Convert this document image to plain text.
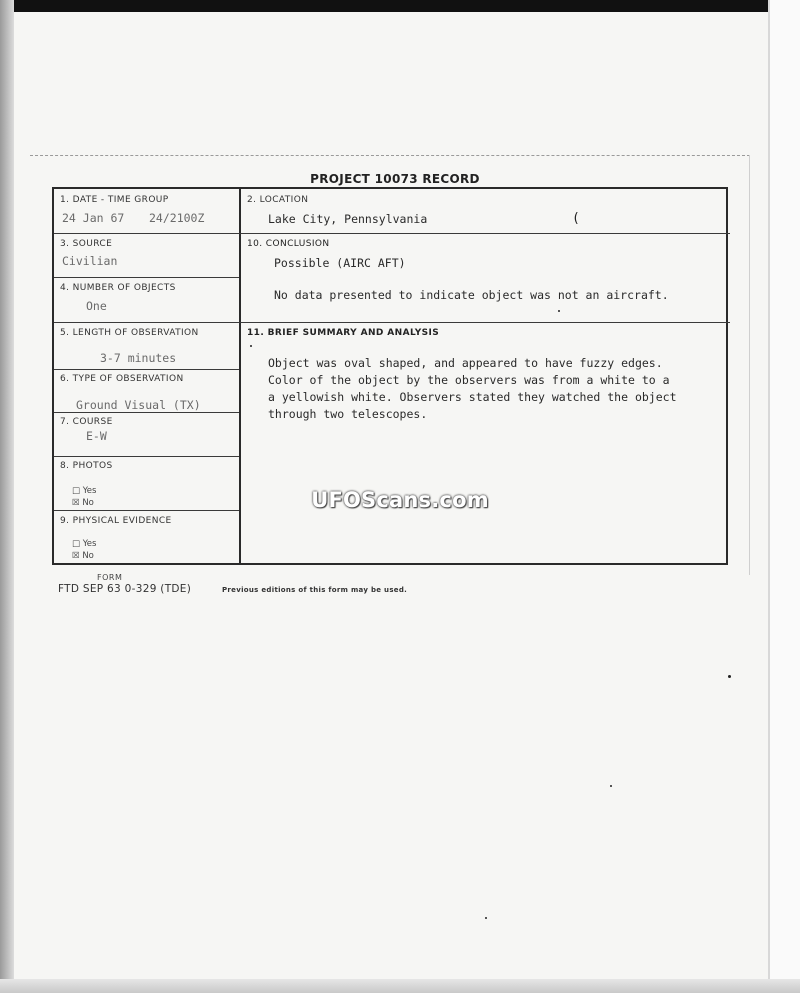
PROJECT 10073 RECORD
1. DATE - TIME GROUP
24 Jan 67 24/2100Z
2. LOCATION
Lake City, Pennsylvania
3. SOURCE
Civilian
10. CONCLUSION
Possible (AIRC AFT)
No data presented to indicate object was not an aircraft.
4. NUMBER OF OBJECTS
One
5. LENGTH OF OBSERVATION
3-7 minutes
11. BRIEF SUMMARY AND ANALYSIS
6. TYPE OF OBSERVATION
Ground Visual (TX)
7. COURSE
E-W
8. PHOTOS
□ Yes
☒ No
9. PHYSICAL EVIDENCE
□ Yes
☒ No
Object was oval shaped, and appeared to have fuzzy edges.
Color of the object by the observers was from a white to a
a yellowish white. Observers stated they watched the object
through two telescopes.
(
FORM
FTD SEP 63 0-329 (TDE)	Previous editions of this form may be used.
UFOScans.com
